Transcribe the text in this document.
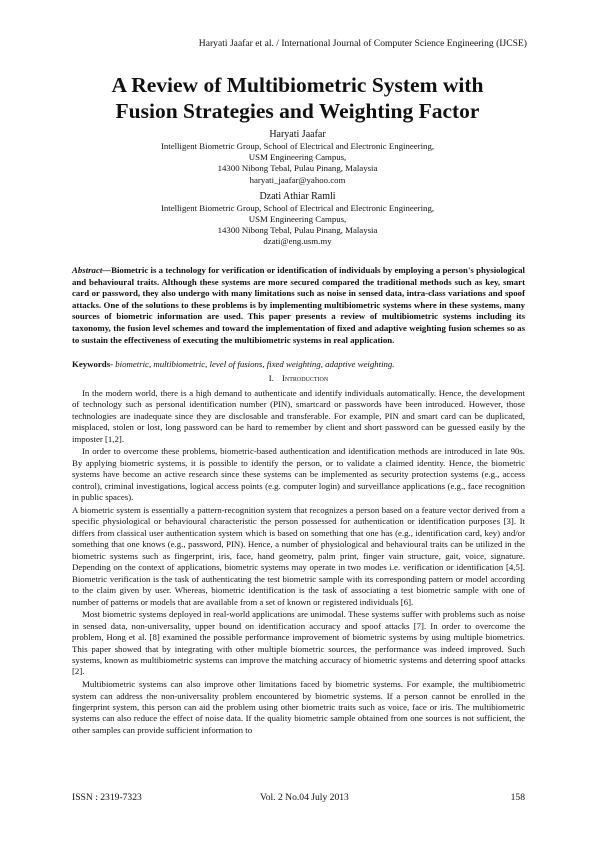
Haryati Jaafar et al. / International Journal of Computer Science Engineering (IJCSE)
A Review of Multibiometric System with
Fusion Strategies and Weighting Factor
Haryati Jaafar
Intelligent Biometric Group, School of Electrical and Electronic Engineering,
USM Engineering Campus,
14300 Nibong Tebal, Pulau Pinang, Malaysia
haryati_jaafar@yahoo.com
Dzati Athiar Ramli
Intelligent Biometric Group, School of Electrical and Electronic Engineering,
USM Engineering Campus,
14300 Nibong Tebal, Pulau Pinang, Malaysia
dzati@eng.usm.my
Abstract—Biometric is a technology for verification or identification of individuals by employing a person's physiological and behavioural traits. Although these systems are more secured compared the traditional methods such as key, smart card or password, they also undergo with many limitations such as noise in sensed data, intra-class variations and spoof attacks. One of the solutions to these problems is by implementing multibiometric systems where in these systems, many sources of biometric information are used. This paper presents a review of multibiometric systems including its taxonomy, the fusion level schemes and toward the implementation of fixed and adaptive weighting fusion schemes so as to sustain the effectiveness of executing the multibiometric systems in real application.
Keywords- biometric, multibiometric, level of fusions, fixed weighting, adaptive weighting.
I. Introduction

In the modern world, there is a high demand to authenticate and identify individuals automatically. Hence, the development of technology such as personal identification number (PIN), smartcard or passwords have been introduced. However, those technologies are inadequate since they are disclosable and transferable. For example, PIN and smart card can be duplicated, misplaced, stolen or lost, long password can be hard to remember by client and short password can be guessed easily by the imposter [1,2].

In order to overcome these problems, biometric-based authentication and identification methods are introduced in late 90s. By applying biometric systems, it is possible to identify the person, or to validate a claimed identity. Hence, the biometric systems have become an active research since these systems can be implemented as security protection systems (e.g., access control), criminal investigations, logical access points (e.g. computer login) and surveillance applications (e.g., face recognition in public spaces).

A biometric system is essentially a pattern-recognition system that recognizes a person based on a feature vector derived from a specific physiological or behavioural characteristic the person possessed for authentication or identification purposes [3]. It differs from classical user authentication system which is based on something that one has (e.g., identification card, key) and/or something that one knows (e.g., password, PIN). Hence, a number of physiological and behavioural traits can be utilized in the biometric systems such as fingerprint, iris, face, hand geometry, palm print, finger vain structure, gait, voice, signature. Depending on the context of applications, biometric systems may operate in two modes i.e. verification or identification [4,5]. Biometric verification is the task of authenticating the test biometric sample with its corresponding pattern or model according to the claim given by user. Whereas, biometric identification is the task of associating a test biometric sample with one of number of patterns or models that are available from a set of known or registered individuals [6].

Most biometric systems deployed in real-world applications are unimodal. These systems suffer with problems such as noise in sensed data, non-universality, upper bound on identification accuracy and spoof attacks [7]. In order to overcome the problem, Hong et al. [8] examined the possible performance improvement of biometric systems by using multiple biometrics. This paper showed that by integrating with other multiple biometric sources, the performance was indeed improved. Such systems, known as multibiometric systems can improve the matching accuracy of biometric systems and deterring spoof attacks [2].

Multibiometric systems can also improve other limitations faced by biometric systems. For example, the multibiometric system can address the non-universality problem encountered by biometric systems. If a person cannot be enrolled in the fingerprint system, this person can aid the problem using other biometric traits such as voice, face or iris. The multibiometric systems can also reduce the effect of noise data. If the quality biometric sample obtained from one sources is not sufficient, the other samples can provide sufficient information to

ISSN : 2319-7323	Vol. 2 No.04 July 2013	158
